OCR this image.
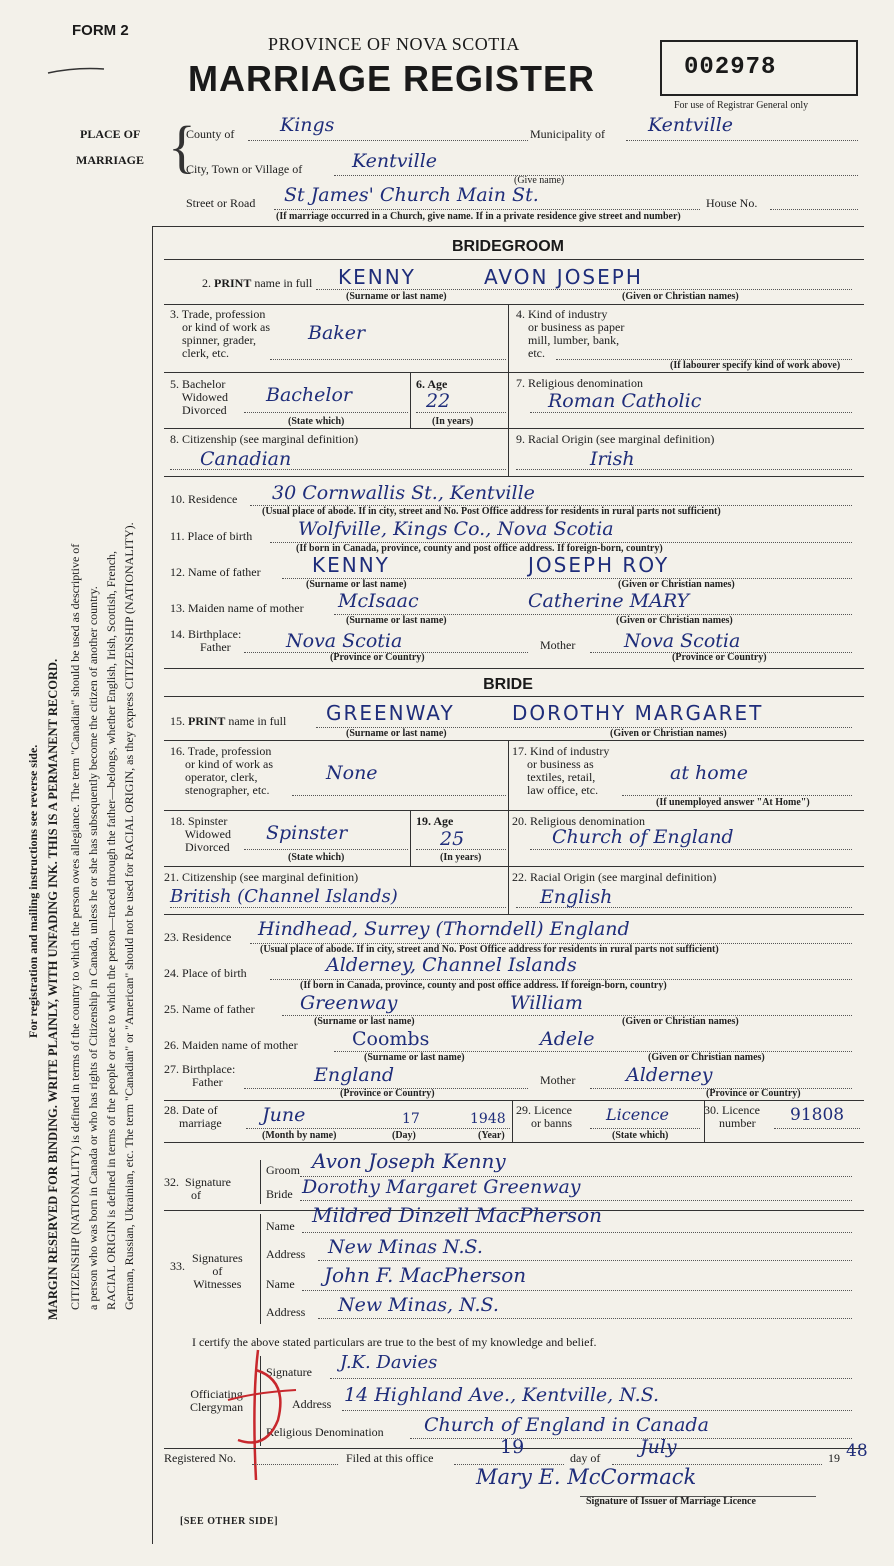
FORM 2
PROVINCE OF NOVA SCOTIA
MARRIAGE REGISTER	002978
For use of Registrar General only
PLACE OF
MARRIAGE {
County of Kings	Municipality of Kentville
City, Town or Village of	Kentville
(Give name)
Street or Road St James' Church Main St.	House No.
(If marriage occurred in a Church, give name. If in a private residence give street and number)
For registration and mailing instructions see reverse side. MARGIN RESERVED FOR BINDING. WRITE PLAINLY, WITH UNFADING INK. THIS IS A PERMANENT RECORD. CITIZENSHIP (NATIONALITY) is defined in terms of the country to which the person owes allegiance. The term "Canadian" should be used as descriptive of a person who was born in Canada or who has rights of Citizenship in Canada, unless he or she has subsequently become the citizen of another country. RACIAL ORIGIN is defined in terms of the people or race to which the person—traced through the father—belongs, whether English, Irish, Scottish, French, German, Russian, Ukrainian, etc. The term "Canadian" or "American" should not be used for RACIAL ORIGIN, as they express CITIZENSHIP (NATIONALITY).
BRIDEGROOM
2. PRINT name in full KENNY	AVON JOSEPH
(Surname or last name)	(Given or Christian names)
3. Trade, profession
or kind of work as
spinner, grader,
clerk, etc.
Baker
4. Kind of industry
or business as paper
mill, lumber, bank,
etc.
(If labourer specify kind of work above)
5. Bachelor
Widowed
Divorced
Bachelor
(State which)
6. Age
22
(In years)
7. Religious denomination
Roman Catholic
8. Citizenship (see marginal definition)
Canadian
9. Racial Origin (see marginal definition)
Irish
10. Residence 30 Cornwallis St., Kentville
(Usual place of abode. If in city, street and No. Post Office address for residents in rural parts not sufficient)
11. Place of birth Wolfville, Kings Co., Nova Scotia
(If born in Canada, province, county and post office address. If foreign-born, country)
12. Name of father	KENNY	JOSEPH ROY
(Surname or last name)	(Given or Christian names)
13. Maiden name of mother McIsaac	Catherine MARY
(Surname or last name)	(Given or Christian names)
14. Birthplace:
Father	Nova Scotia
(Province or Country)
Mother	Nova Scotia
(Province or Country)
BRIDE
15. PRINT name in full GREENWAY	DOROTHY MARGARET
(Surname or last name)	(Given or Christian names)
16. Trade, profession
or kind of work as
operator, clerk,
stenographer, etc.
None
17. Kind of industry
or business as
textiles, retail,
law office, etc.
at home
(If unemployed answer "At Home")
18. Spinster
Widowed
Divorced
Spinster
(State which)
19. Age
25
(In years)
20. Religious denomination
Church of England
21. Citizenship (see marginal definition)
British (Channel Islands)
22. Racial Origin (see marginal definition)
English
23. Residence Hindhead, Surrey (Thorndell) England
(Usual place of abode. If in city, street and No. Post Office address for residents in rural parts not sufficient)
24. Place of birth	Alderney, Channel Islands
(If born in Canada, province, county and post office address. If foreign-born, country)
25. Name of father Greenway	William
(Surname or last name)	(Given or Christian names)
26. Maiden name of mother	Coombs	Adele
(Surname or last name)	(Given or Christian names)
27. Birthplace:
Father	England
(Province or Country)
Mother	Alderney
(Province or Country)
28. Date of
marriage June	17	1948
(Month by name)	(Day)	(Year)
29. Licence
or banns Licence
(State which)
30. Licence
number 91808
32.  Signature
of
Groom Avon Joseph Kenny
Bride Dorothy Margaret Greenway
33.
Signatures
of
Witnesses
Name Mildred Dinzell MacPherson
Address New Minas N.S.
Name John F. MacPherson
Address New Minas, N.S.
I certify the above stated particulars are true to the best of my knowledge and belief.
Officiating
Clergyman
Signature J.K. Davies
Address 14 Highland Ave., Kentville, N.S.
Religious Denomination Church of England in Canada
Registered No.	Filed at this office	19	day of July	19 48
Mary E. McCormack
Signature of Issuer of Marriage Licence
[SEE OTHER SIDE]
